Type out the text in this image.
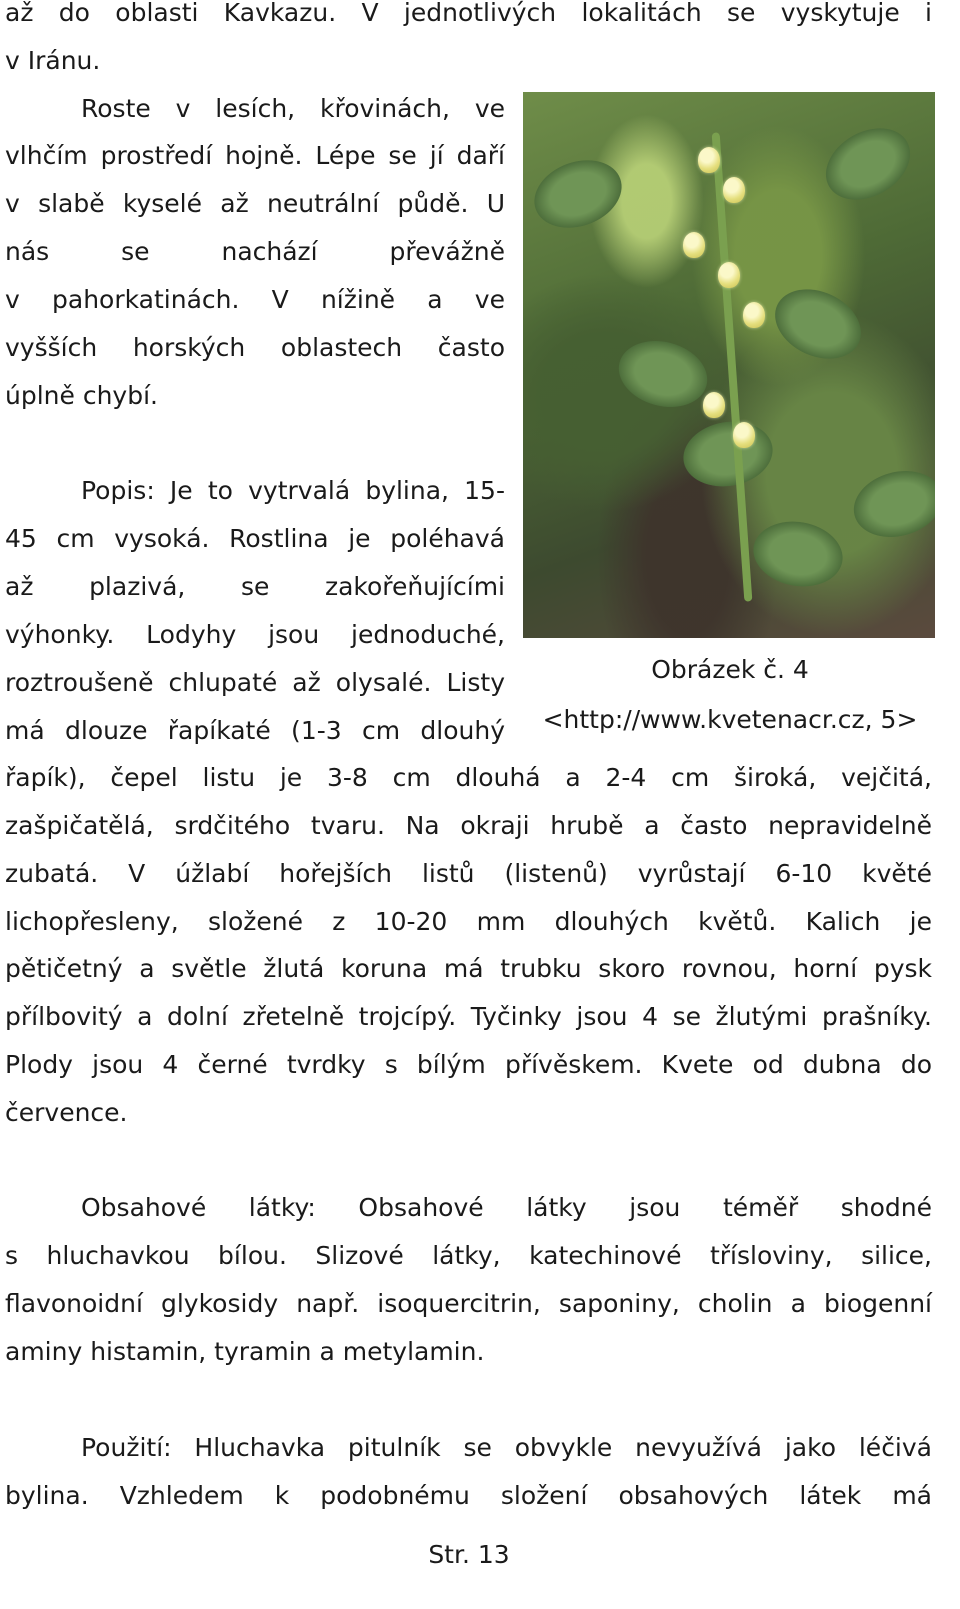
až do oblasti Kavkazu. V jednotlivých lokalitách se vyskytuje i

v Iránu.

Roste v lesích, křovinách, ve

vlhčím prostředí hojně. Lépe se jí daří

v slabě kyselé až neutrální půdě. U

nás se nachází převážně

v pahorkatinách. V nížině a ve

vyšších horských oblastech často

úplně chybí.

Popis: Je to vytrvalá bylina, 15-

45 cm vysoká. Rostlina je poléhavá

až plazivá, se zakořeňujícími

výhonky. Lodyhy jsou jednoduché,

roztroušeně chlupaté až olysalé. Listy

má dlouze řapíkaté (1-3 cm dlouhý

řapík), čepel listu je 3-8 cm dlouhá a 2-4 cm široká, vejčitá,

zašpičatělá, srdčitého tvaru. Na okraji hrubě a často nepravidelně

zubatá. V úžlabí hořejších listů (listenů) vyrůstají 6-10 květé

lichopřesleny, složené z 10-20 mm dlouhých květů. Kalich je

pětičetný a světle žlutá koruna má trubku skoro rovnou, horní pysk

přílbovitý a dolní zřetelně trojcípý. Tyčinky jsou 4 se žlutými prašníky.

Plody jsou 4 černé tvrdky s bílým přívěskem. Kvete od dubna do

července.

Obsahové látky: Obsahové látky jsou téměř shodné

s hluchavkou bílou. Slizové látky, katechinové třísloviny, silice,

flavonoidní glykosidy např. isoquercitrin, saponiny, cholin a biogenní

aminy histamin, tyramin a metylamin.

Použití: Hluchavka pitulník se obvykle nevyužívá jako léčivá

bylina. Vzhledem k podobnému složení obsahových látek má

Str. 13
Obrázek č. 4
<http://www.kvetenacr.cz, 5>
